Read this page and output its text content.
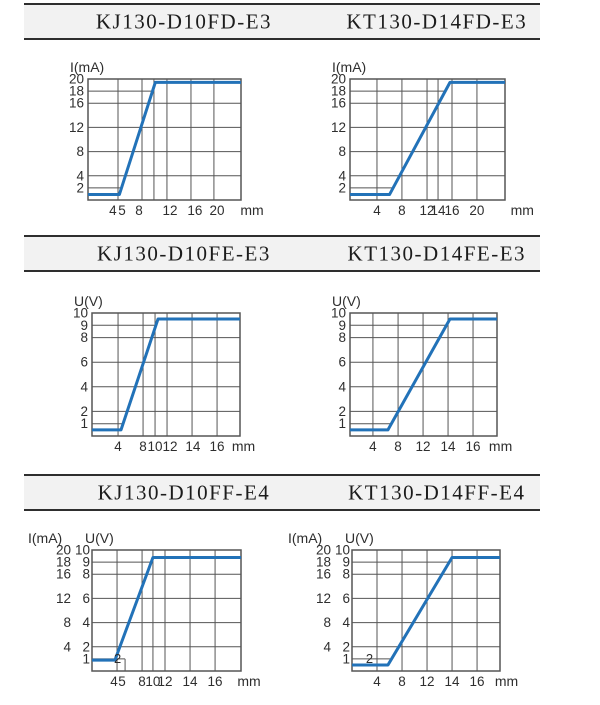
KJ130-D10FD-E3	KT130-D14FD-E3
KJ130-D10FE-E3	KT130-D14FE-E3
KJ130-D10FF-E4	KT130-D14FF-E4
I(mA)
20
18
16
12
8
4
2
4 5 8 12 16 20 mm
I(mA)
20
18
16
12
8
4
2
4 8 12
14
16 20 mm
U(V)
10
9
8
6
4
2
1
4 8 10 12 14 16 mm
U(V)
10
9
8
6
4
2
1
4 8 12 14 16 mm
I(mA)
20
18
16
12
8
4
U(V)
10
9
8
6
4
2
1
4 5 8 10
12 14 16 mm
2
I(mA)
20
18
16
12
8
4
U(V)
10
9
8
6
4
2
1
4 8 12 14 16 mm
2
